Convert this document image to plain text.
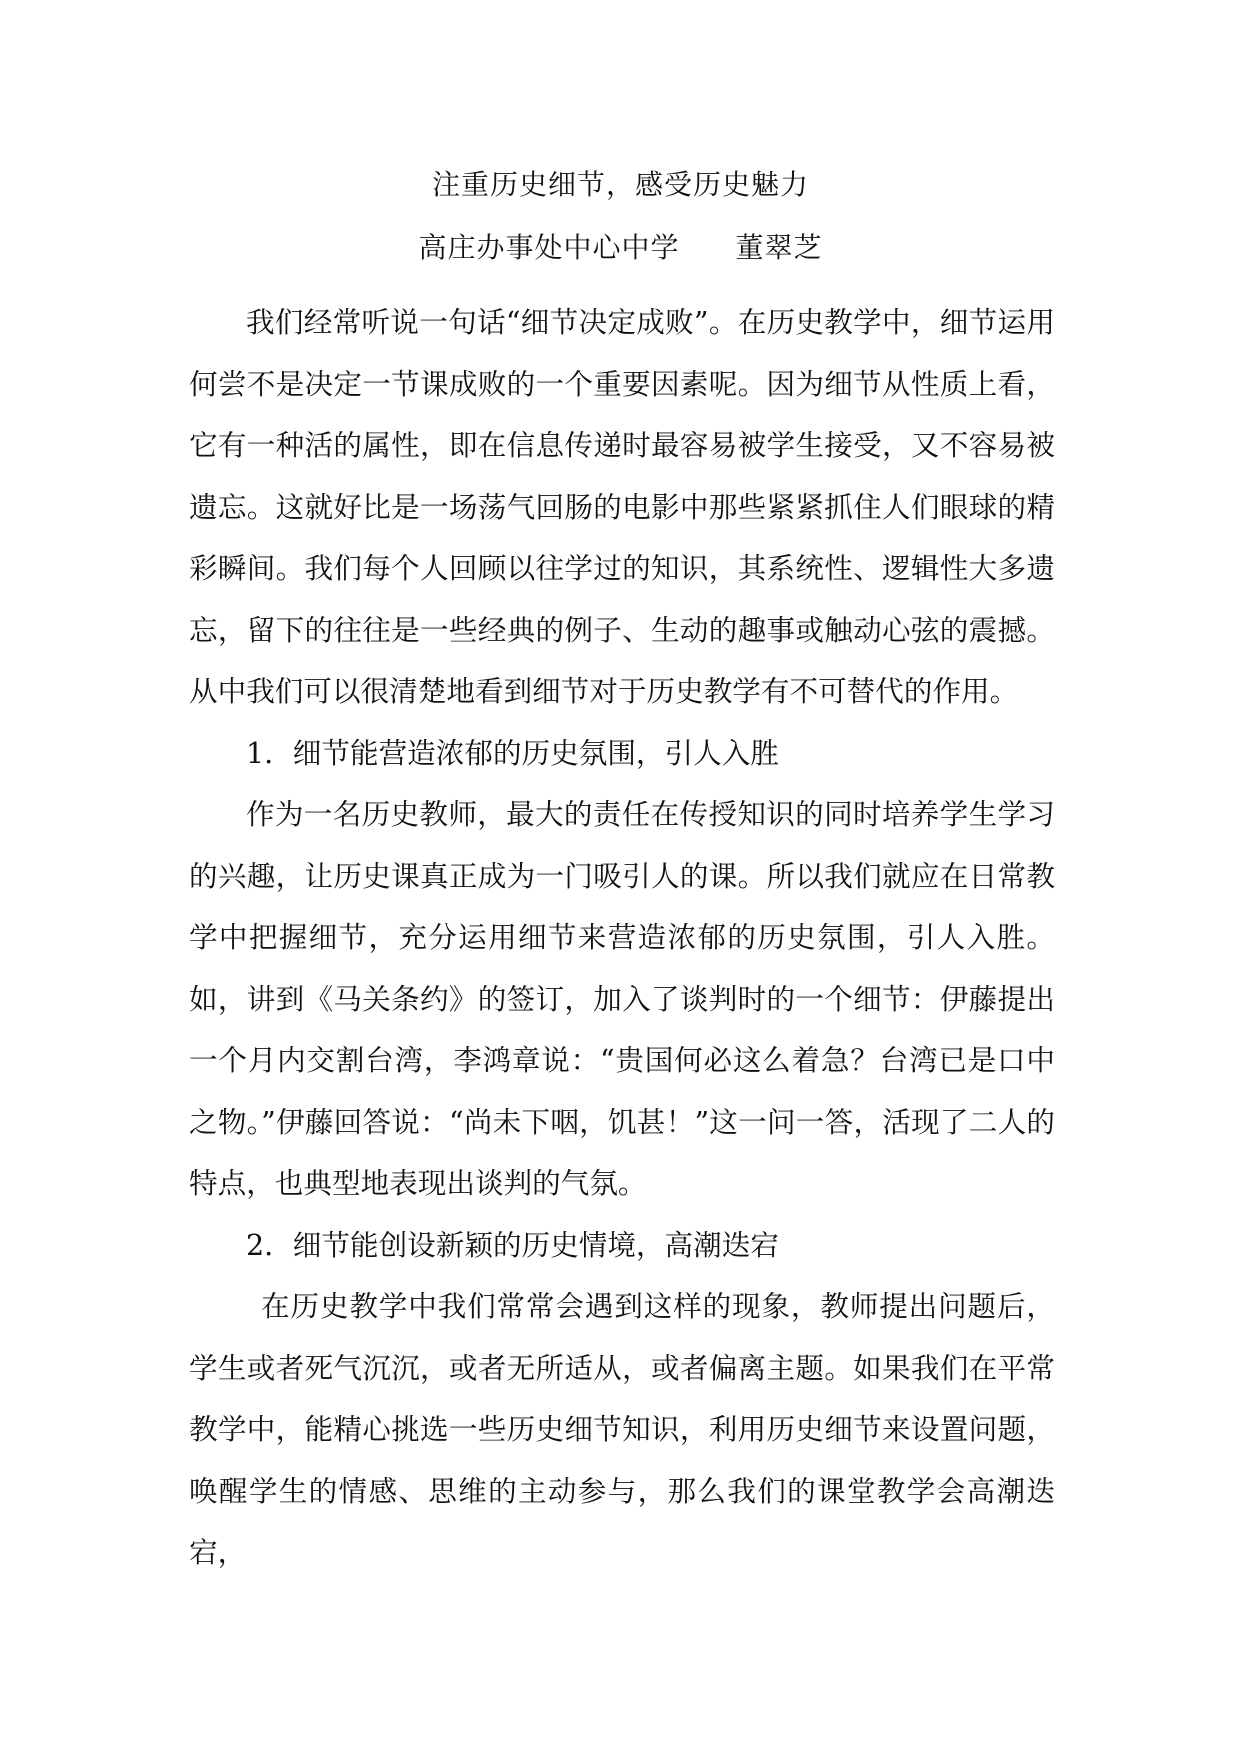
注重历史细节，感受历史魅力
高庄办事处中心中学 董翠芝

我们经常听说一句话“细节决定成败”。在历史教学中，细节运用何尝不是决定一节课成败的一个重要因素呢。因为细节从性质上看，它有一种活的属性，即在信息传递时最容易被学生接受，又不容易被遗忘。这就好比是一场荡气回肠的电影中那些紧紧抓住人们眼球的精彩瞬间。我们每个人回顾以往学过的知识，其系统性、逻辑性大多遗忘，留下的往往是一些经典的例子、生动的趣事或触动心弦的震撼。从中我们可以很清楚地看到细节对于历史教学有不可替代的作用。

1．细节能营造浓郁的历史氛围，引人入胜

作为一名历史教师，最大的责任在传授知识的同时培养学生学习的兴趣，让历史课真正成为一门吸引人的课。所以我们就应在日常教学中把握细节，充分运用细节来营造浓郁的历史氛围，引人入胜。如，讲到《马关条约》的签订，加入了谈判时的一个细节：伊藤提出一个月内交割台湾，李鸿章说：“贵国何必这么着急？台湾已是口中之物。”伊藤回答说：“尚未下咽，饥甚！”这一问一答，活现了二人的特点，也典型地表现出谈判的气氛。

2．细节能创设新颖的历史情境，高潮迭宕

在历史教学中我们常常会遇到这样的现象，教师提出问题后，学生或者死气沉沉，或者无所适从，或者偏离主题。如果我们在平常教学中，能精心挑选一些历史细节知识，利用历史细节来设置问题，唤醒学生的情感、思维的主动参与，那么我们的课堂教学会高潮迭宕，
